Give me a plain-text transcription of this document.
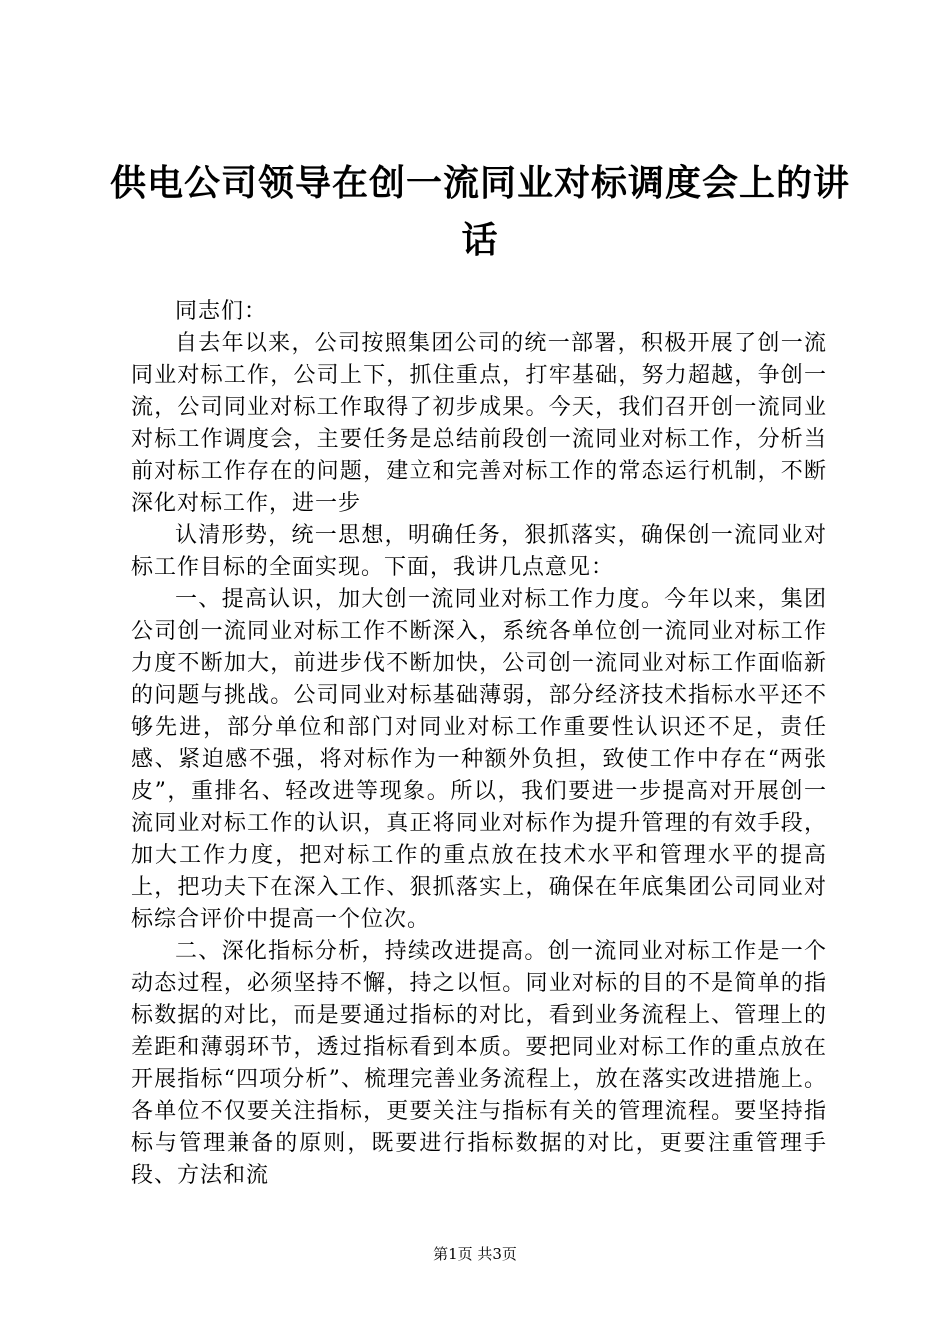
供电公司领导在创一流同业对标调度会上的讲话

同志们：

自去年以来，公司按照集团公司的统一部署，积极开展了创一流同业对标工作，公司上下，抓住重点，打牢基础，努力超越，争创一流，公司同业对标工作取得了初步成果。今天，我们召开创一流同业对标工作调度会，主要任务是总结前段创一流同业对标工作，分析当前对标工作存在的问题，建立和完善对标工作的常态运行机制，不断深化对标工作，进一步

认清形势，统一思想，明确任务，狠抓落实，确保创一流同业对标工作目标的全面实现。下面，我讲几点意见：

一、提高认识，加大创一流同业对标工作力度。今年以来，集团公司创一流同业对标工作不断深入，系统各单位创一流同业对标工作力度不断加大，前进步伐不断加快，公司创一流同业对标工作面临新的问题与挑战。公司同业对标基础薄弱，部分经济技术指标水平还不够先进，部分单位和部门对同业对标工作重要性认识还不足，责任感、紧迫感不强，将对标作为一种额外负担，致使工作中存在“两张皮”，重排名、轻改进等现象。所以，我们要进一步提高对开展创一流同业对标工作的认识，真正将同业对标作为提升管理的有效手段，加大工作力度，把对标工作的重点放在技术水平和管理水平的提高上，把功夫下在深入工作、狠抓落实上，确保在年底集团公司同业对标综合评价中提高一个位次。

二、深化指标分析，持续改进提高。创一流同业对标工作是一个动态过程，必须坚持不懈，持之以恒。同业对标的目的不是简单的指标数据的对比，而是要通过指标的对比，看到业务流程上、管理上的差距和薄弱环节，透过指标看到本质。要把同业对标工作的重点放在开展指标“四项分析”、梳理完善业务流程上，放在落实改进措施上。各单位不仅要关注指标，更要关注与指标有关的管理流程。要坚持指标与管理兼备的原则，既要进行指标数据的对比，更要注重管理手段、方法和流

第1页 共3页
